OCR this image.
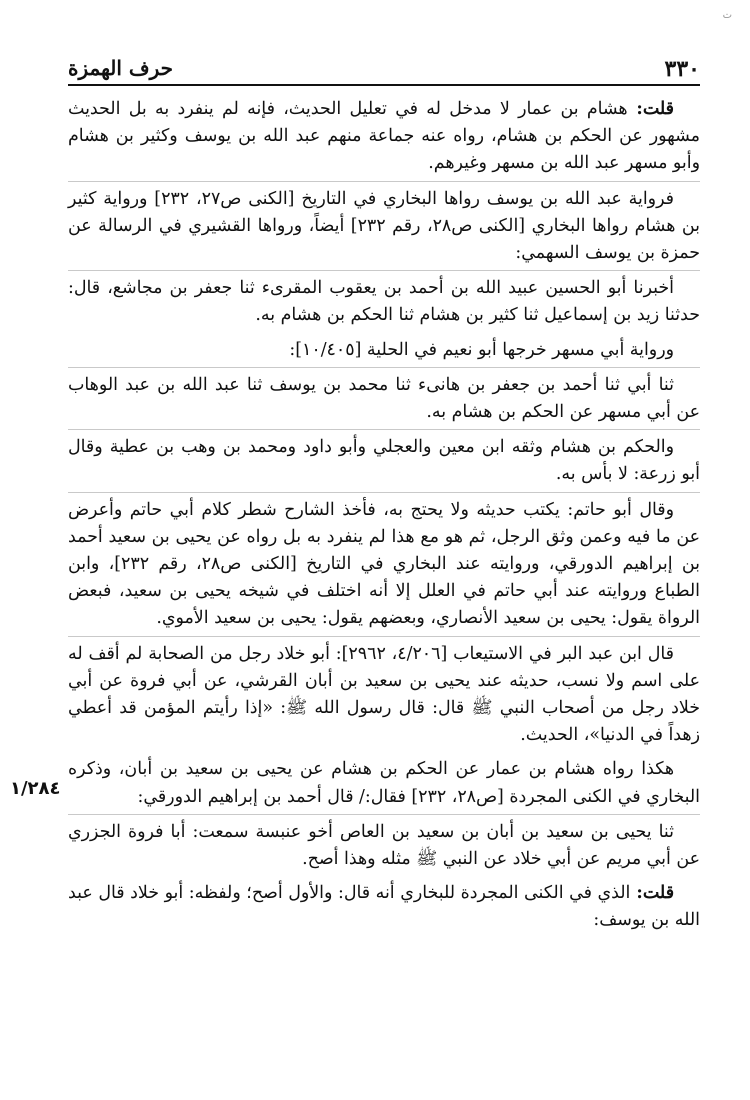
ت
٣٣٠
حرف الهمزة
١/٢٨٤

قلت: هشام بن عمار لا مدخل له في تعليل الحديث، فإنه لم ينفرد به بل الحديث مشهور عن الحكم بن هشام، رواه عنه جماعة منهم عبد الله بن يوسف وكثير بن هشام وأبو مسهر عبد الله بن مسهر وغيرهم.

فرواية عبد الله بن يوسف رواها البخاري في التاريخ [الكنى ص٢٧، ٢٣٢] ورواية كثير بن هشام رواها البخاري [الكنى ص٢٨، رقم ٢٣٢] أيضاً، ورواها القشيري في الرسالة عن حمزة بن يوسف السهمي:

أخبرنا أبو الحسين عبيد الله بن أحمد بن يعقوب المقرىء ثنا جعفر بن مجاشع، قال: حدثنا زيد بن إسماعيل ثنا كثير بن هشام ثنا الحكم بن هشام به.

ورواية أبي مسهر خرجها أبو نعيم في الحلية [١٠/٤٠٥]:

ثنا أبي ثنا أحمد بن جعفر بن هانىء ثنا محمد بن يوسف ثنا عبد الله بن عبد الوهاب عن أبي مسهر عن الحكم بن هشام به.

والحكم بن هشام وثقه ابن معين والعجلي وأبو داود ومحمد بن وهب بن عطية وقال أبو زرعة: لا بأس به.

وقال أبو حاتم: يكتب حديثه ولا يحتج به، فأخذ الشارح شطر كلام أبي حاتم وأعرض عن ما فيه وعمن وثق الرجل، ثم هو مع هذا لم ينفرد به بل رواه عن يحيى بن سعيد أحمد بن إبراهيم الدورقي، وروايته عند البخاري في التاريخ [الكنى ص٢٨، رقم ٢٣٢]، وابن الطباع وروايته عند أبي حاتم في العلل إلا أنه اختلف في شيخه يحيى بن سعيد، فبعض الرواة يقول: يحيى بن سعيد الأنصاري، وبعضهم يقول: يحيى بن سعيد الأموي.

قال ابن عبد البر في الاستيعاب [٤/٢٠٦، ٢٩٦٢]: أبو خلاد رجل من الصحابة لم أقف له على اسم ولا نسب، حديثه عند يحيى بن سعيد بن أبان القرشي، عن أبي فروة عن أبي خلاد رجل من أصحاب النبي ﷺ قال: قال رسول الله ﷺ: «إذا رأيتم المؤمن قد أعطي زهداً في الدنيا»، الحديث.

هكذا رواه هشام بن عمار عن الحكم بن هشام عن يحيى بن سعيد بن أبان، وذكره البخاري في الكنى المجردة [ص٢٨، ٢٣٢] فقال:/ قال أحمد بن إبراهيم الدورقي:

ثنا يحيى بن سعيد بن أبان بن سعيد بن العاص أخو عنبسة سمعت: أبا فروة الجزري عن أبي مريم عن أبي خلاد عن النبي ﷺ مثله وهذا أصح.

قلت: الذي في الكنى المجردة للبخاري أنه قال: والأول أصح؛ ولفظه: أبو خلاد قال عبد الله بن يوسف:
